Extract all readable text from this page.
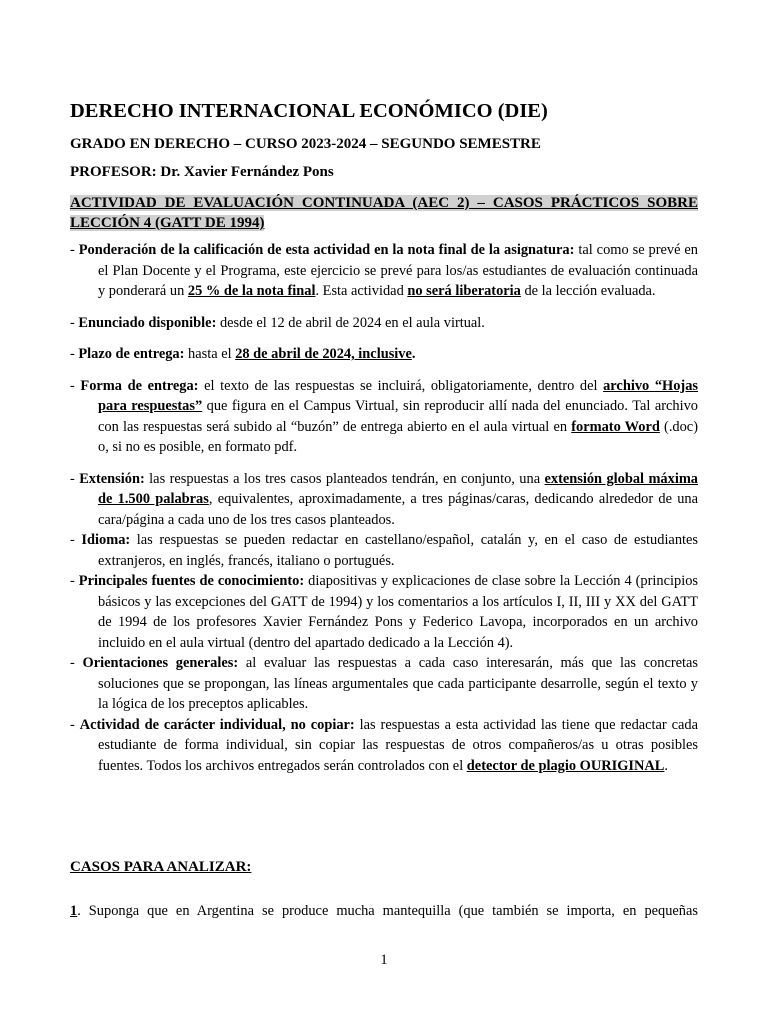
DERECHO INTERNACIONAL ECONÓMICO (DIE)
GRADO EN DERECHO – CURSO 2023-2024 – SEGUNDO SEMESTRE
PROFESOR: Dr. Xavier Fernández Pons
ACTIVIDAD DE EVALUACIÓN CONTINUADA (AEC 2) – CASOS PRÁCTICOS SOBRE LECCIÓN 4 (GATT DE 1994)
- Ponderación de la calificación de esta actividad en la nota final de la asignatura: tal como se prevé en el Plan Docente y el Programa, este ejercicio se prevé para los/as estudiantes de evaluación continuada y ponderará un 25 % de la nota final. Esta actividad no será liberatoria de la lección evaluada.
- Enunciado disponible: desde el 12 de abril de 2024 en el aula virtual.
- Plazo de entrega: hasta el 28 de abril de 2024, inclusive.
- Forma de entrega: el texto de las respuestas se incluirá, obligatoriamente, dentro del archivo “Hojas para respuestas” que figura en el Campus Virtual, sin reproducir allí nada del enunciado. Tal archivo con las respuestas será subido al “buzón” de entrega abierto en el aula virtual en formato Word (.doc) o, si no es posible, en formato pdf.
- Extensión: las respuestas a los tres casos planteados tendrán, en conjunto, una extensión global máxima de 1.500 palabras, equivalentes, aproximadamente, a tres páginas/caras, dedicando alrededor de una cara/página a cada uno de los tres casos planteados.
- Idioma: las respuestas se pueden redactar en castellano/español, catalán y, en el caso de estudiantes extranjeros, en inglés, francés, italiano o portugués.
- Principales fuentes de conocimiento: diapositivas y explicaciones de clase sobre la Lección 4 (principios básicos y las excepciones del GATT de 1994) y los comentarios a los artículos I, II, III y XX del GATT de 1994 de los profesores Xavier Fernández Pons y Federico Lavopa, incorporados en un archivo incluido en el aula virtual (dentro del apartado dedicado a la Lección 4).
- Orientaciones generales: al evaluar las respuestas a cada caso interesarán, más que las concretas soluciones que se propongan, las líneas argumentales que cada participante desarrolle, según el texto y la lógica de los preceptos aplicables.
- Actividad de carácter individual, no copiar: las respuestas a esta actividad las tiene que redactar cada estudiante de forma individual, sin copiar las respuestas de otros compañeros/as u otras posibles fuentes. Todos los archivos entregados serán controlados con el detector de plagio OURIGINAL.
CASOS PARA ANALIZAR:
1. Suponga que en Argentina se produce mucha mantequilla (que también se importa, en pequeñas
1
